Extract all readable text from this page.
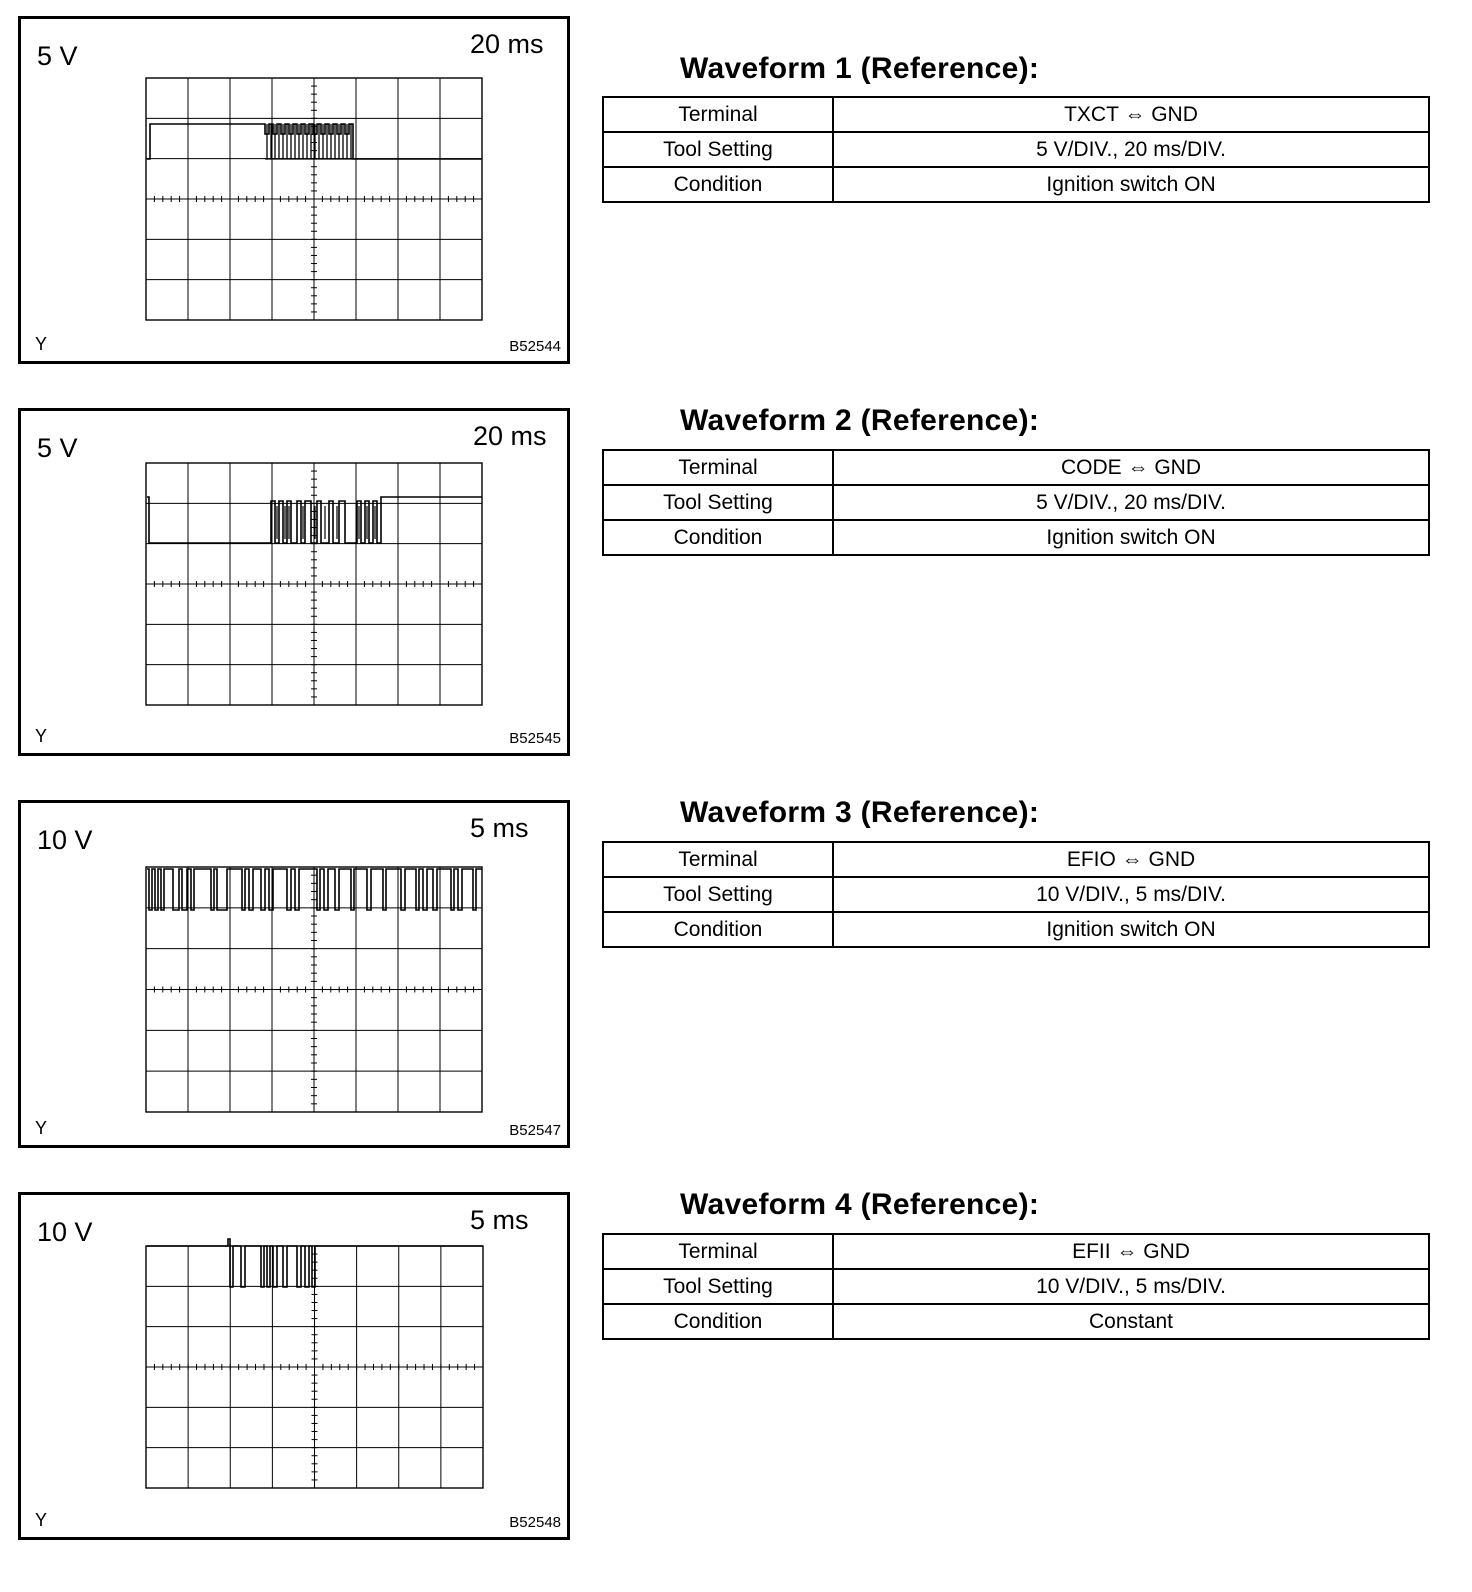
5 V	20 ms
Y	B52544
Waveform 1 (Reference):
Terminal	TXCT ⇔ GND
Tool Setting	5 V/DIV., 20 ms/DIV.
Condition	Ignition switch ON
5 V	20 ms
Y	B52545
Waveform 2 (Reference):
Terminal	CODE ⇔ GND
Tool Setting	5 V/DIV., 20 ms/DIV.
Condition	Ignition switch ON
10 V	5 ms
Y	B52547
Waveform 3 (Reference):
Terminal	EFIO ⇔ GND
Tool Setting	10 V/DIV., 5 ms/DIV.
Condition	Ignition switch ON
10 V	5 ms
Y	B52548
Waveform 4 (Reference):
Terminal	EFII ⇔ GND
Tool Setting	10 V/DIV., 5 ms/DIV.
Condition	Constant
